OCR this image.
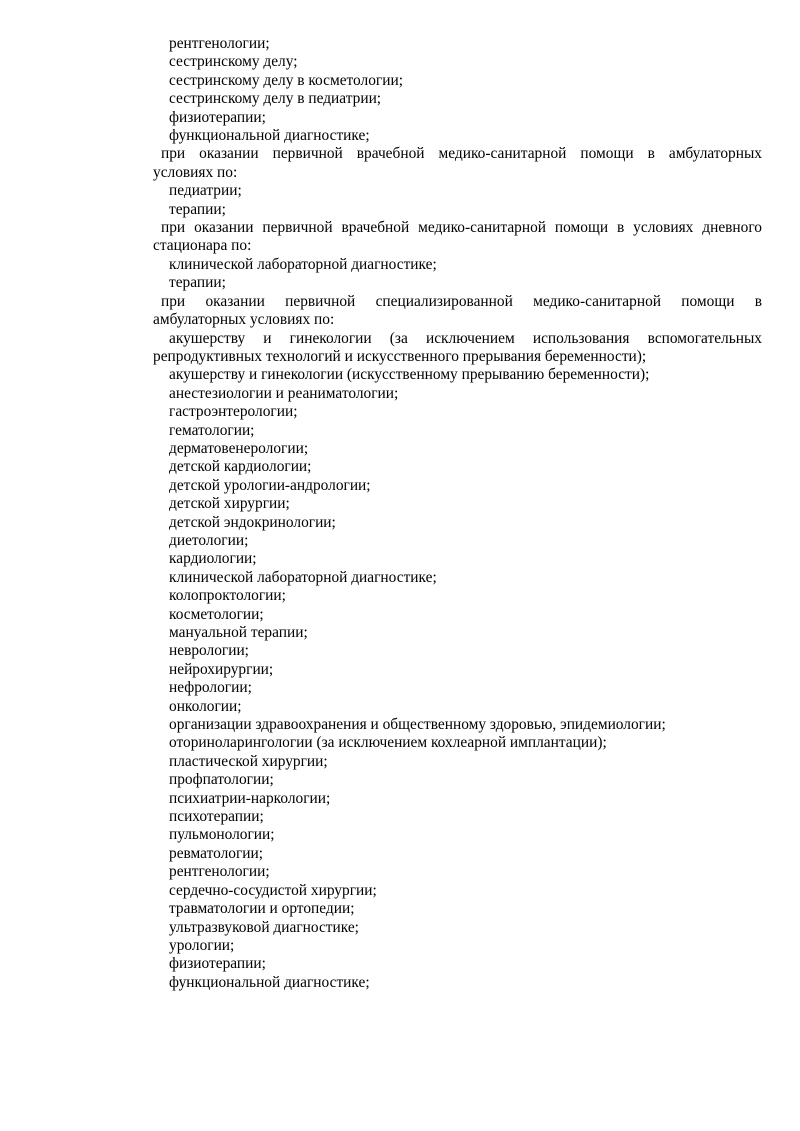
рентгенологии;

сестринскому делу;

сестринскому делу в косметологии;

сестринскому делу в педиатрии;

физиотерапии;

функциональной диагностике;

при оказании первичной врачебной медико-санитарной помощи в амбулаторных

условиях по:

педиатрии;

терапии;

при оказании первичной врачебной медико-санитарной помощи в условиях дневного

стационара по:

клинической лабораторной диагностике;

терапии;

при оказании первичной специализированной медико-санитарной помощи в

амбулаторных условиях по:

акушерству и гинекологии (за исключением использования вспомогательных

репродуктивных технологий и искусственного прерывания беременности);

акушерству и гинекологии (искусственному прерыванию беременности);

анестезиологии и реаниматологии;

гастроэнтерологии;

гематологии;

дерматовенерологии;

детской кардиологии;

детской урологии-андрологии;

детской хирургии;

детской эндокринологии;

диетологии;

кардиологии;

клинической лабораторной диагностике;

колопроктологии;

косметологии;

мануальной терапии;

неврологии;

нейрохирургии;

нефрологии;

онкологии;

организации здравоохранения и общественному здоровью, эпидемиологии;

оториноларингологии (за исключением кохлеарной имплантации);

пластической хирургии;

профпатологии;

психиатрии-наркологии;

психотерапии;

пульмонологии;

ревматологии;

рентгенологии;

сердечно-сосудистой хирургии;

травматологии и ортопедии;

ультразвуковой диагностике;

урологии;

физиотерапии;

функциональной диагностике;
